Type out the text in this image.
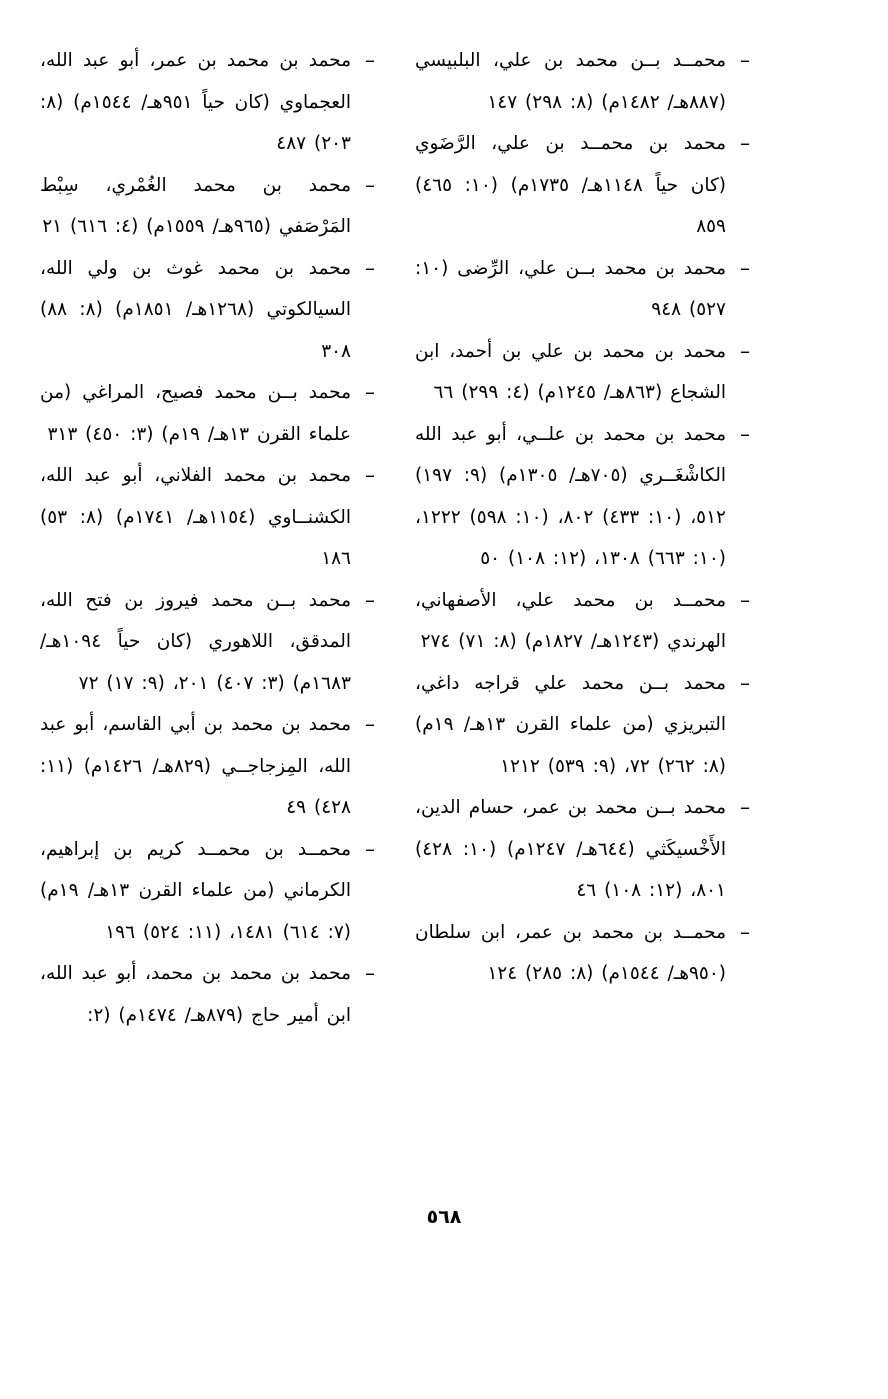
–
محمــد بــن محمد بن علي، البلبيسي (٨٨٧هـ/ ١٤٨٢م) (٨: ٢٩٨) ١٤٧
–
محمد بن محمــد بن علي، الرَّضَوي (كان حياً ١١٤٨هـ/ ١٧٣٥م) (١٠: ٤٦٥) ٨٥٩
–
محمد بن محمد بــن علي، الرِّضى (١٠: ٥٢٧) ٩٤٨
–
محمد بن محمد بن علي بن أحمد، ابن الشجاع (٨٦٣هـ/ ١٢٤٥م) (٤: ٢٩٩) ٦٦
–
محمد بن محمد بن علــي، أبو عبد الله الكاشْغَــري (٧٠٥هـ/ ١٣٠٥م) (٩: ١٩٧) ٥١٢، (١٠: ٤٣٣) ٨٠٢، (١٠: ٥٩٨) ١٢٢٢، (١٠: ٦٦٣) ١٣٠٨، (١٢: ١٠٨) ٥٠
–
محمــد بن محمد علي، الأصفهاني، الهرندي (١٢٤٣هـ/ ١٨٢٧م) (٨: ٧١) ٢٧٤
–
محمد بــن محمد علي قراجه داغي، التبريزي (من علماء القرن ١٣هـ/ ١٩م) (٨: ٢٦٢) ٧٢، (٩: ٥٣٩) ١٢١٢
–
محمد بــن محمد بن عمر، حسام الدين، الأَخْسيكَثي (٦٤٤هـ/ ١٢٤٧م) (١٠: ٤٢٨) ٨٠١، (١٢: ١٠٨) ٤٦
–
محمــد بن محمد بن عمر، ابن سلطان (٩٥٠هـ/ ١٥٤٤م) (٨: ٢٨٥) ١٢٤
–
محمد بن محمد بن عمر، أبو عبد الله، العجماوي (كان حياً ٩٥١هـ/ ١٥٤٤م) (٨: ٢٠٣) ٤٨٧
–
محمد بن محمد الغُمْري، سِبْط المَرْصَفي (٩٦٥هـ/ ١٥٥٩م) (٤: ٦١٦) ٢١
–
محمد بن محمد غوث بن ولي الله، السيالكوتي (١٢٦٨هـ/ ١٨٥١م) (٨: ٨٨) ٣٠٨
–
محمد بــن محمد فصيح، المراغي (من علماء القرن ١٣هـ/ ١٩م) (٣: ٤٥٠) ٣١٣
–
محمد بن محمد الفلاني، أبو عبد الله، الكشنــاوي (١١٥٤هـ/ ١٧٤١م) (٨: ٥٣) ١٨٦
–
محمد بــن محمد فيروز بن فتح الله، المدقق، اللاهوري (كان حياً ١٠٩٤هـ/ ١٦٨٣م) (٣: ٤٠٧) ٢٠١، (٩: ١٧) ٧٢
–
محمد بن محمد بن أبي القاسم، أبو عبد الله، المِزجاجــي (٨٢٩هـ/ ١٤٢٦م) (١١: ٤٢٨) ٤٩
–
محمــد بن محمــد كريم بن إبراهيم، الكرماني (من علماء القرن ١٣هـ/ ١٩م) (٧: ٦١٤) ١٤٨١، (١١: ٥٢٤) ١٩٦
–
محمد بن محمد بن محمد، أبو عبد الله، ابن أمير حاج (٨٧٩هـ/ ١٤٧٤م) (٢:
٥٦٨
